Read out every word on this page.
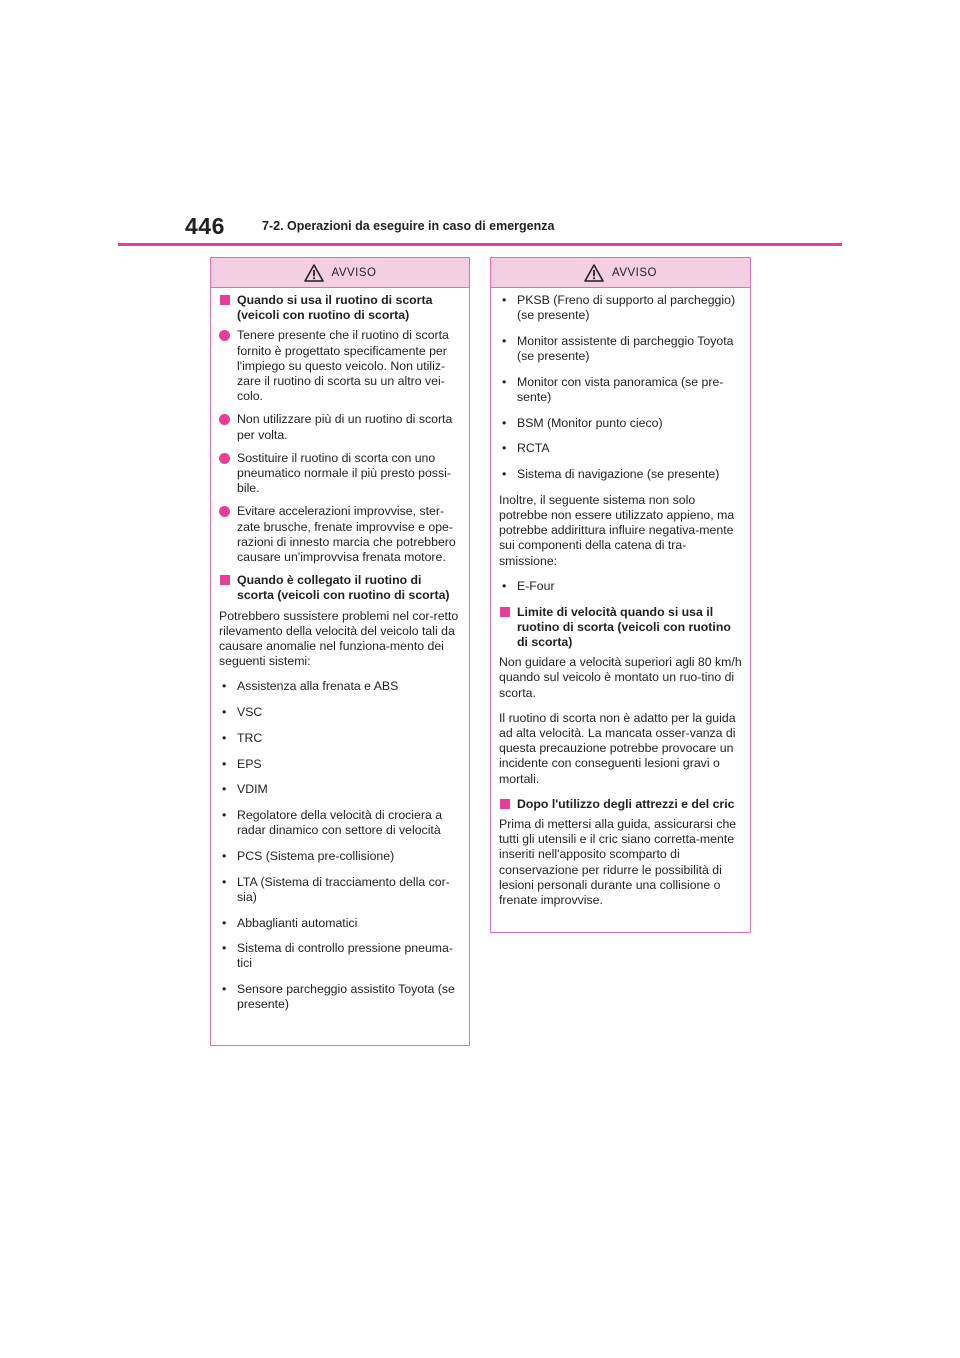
446	7-2. Operazioni da eseguire in caso di emergenza
AVVISO
Quando si usa il ruotino di scorta (veicoli con ruotino di scorta)
Tenere presente che il ruotino di scorta fornito è progettato specificamente per l'impiego su questo veicolo. Non utiliz-zare il ruotino di scorta su un altro vei-colo.
Non utilizzare più di un ruotino di scorta per volta.
Sostituire il ruotino di scorta con uno pneumatico normale il più presto possi-bile.
Evitare accelerazioni improvvise, ster-zate brusche, frenate improvvise e ope-razioni di innesto marcia che potrebbero causare un'improvvisa frenata motore.
Quando è collegato il ruotino di scorta (veicoli con ruotino di scorta)
Potrebbero sussistere problemi nel cor-retto rilevamento della velocità del veicolo tali da causare anomalie nel funziona-mento dei seguenti sistemi:
• Assistenza alla frenata e ABS
• VSC
• TRC
• EPS
• VDIM
• Regolatore della velocità di crociera a radar dinamico con settore di velocità
• PCS (Sistema pre-collisione)
• LTA (Sistema di tracciamento della cor-sia)
• Abbaglianti automatici
• Sistema di controllo pressione pneuma-tici
• Sensore parcheggio assistito Toyota (se presente)
AVVISO
• PKSB (Freno di supporto al parcheggio) (se presente)
• Monitor assistente di parcheggio Toyota (se presente)
• Monitor con vista panoramica (se pre-sente)
• BSM (Monitor punto cieco)
• RCTA
• Sistema di navigazione (se presente)
Inoltre, il seguente sistema non solo potrebbe non essere utilizzato appieno, ma potrebbe addirittura influire negativa-mente sui componenti della catena di tra-smissione:
• E-Four
Limite di velocità quando si usa il ruotino di scorta (veicoli con ruotino di scorta)
Non guidare a velocità superiori agli 80 km/h quando sul veicolo è montato un ruo-tino di scorta.
Il ruotino di scorta non è adatto per la guida ad alta velocità. La mancata osser-vanza di questa precauzione potrebbe provocare un incidente con conseguenti lesioni gravi o mortali.
Dopo l'utilizzo degli attrezzi e del cric
Prima di mettersi alla guida, assicurarsi che tutti gli utensili e il cric siano corretta-mente inseriti nell'apposito scomparto di conservazione per ridurre le possibilità di lesioni personali durante una collisione o frenate improvvise.
